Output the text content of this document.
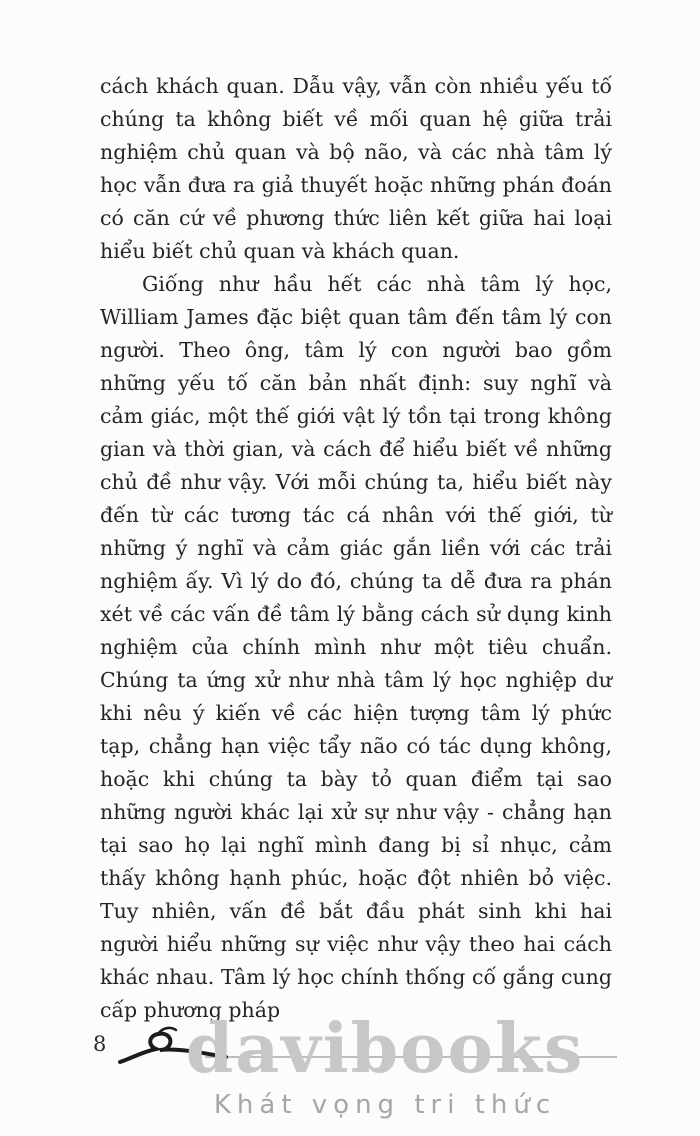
cách khách quan. Dẫu vậy, vẫn còn nhiều yếu tố chúng ta không biết về mối quan hệ giữa trải nghiệm chủ quan và bộ não, và các nhà tâm lý học vẫn đưa ra giả thuyết hoặc những phán đoán có căn cứ về phương thức liên kết giữa hai loại hiểu biết chủ quan và khách quan.

Giống như hầu hết các nhà tâm lý học, William James đặc biệt quan tâm đến tâm lý con người. Theo ông, tâm lý con người bao gồm những yếu tố căn bản nhất định: suy nghĩ và cảm giác, một thế giới vật lý tồn tại trong không gian và thời gian, và cách để hiểu biết về những chủ đề như vậy. Với mỗi chúng ta, hiểu biết này đến từ các tương tác cá nhân với thế giới, từ những ý nghĩ và cảm giác gắn liền với các trải nghiệm ấy. Vì lý do đó, chúng ta dễ đưa ra phán xét về các vấn đề tâm lý bằng cách sử dụng kinh nghiệm của chính mình như một tiêu chuẩn. Chúng ta ứng xử như nhà tâm lý học nghiệp dư khi nêu ý kiến về các hiện tượng tâm lý phức tạp, chẳng hạn việc tẩy não có tác dụng không, hoặc khi chúng ta bày tỏ quan điểm tại sao những người khác lại xử sự như vậy - chẳng hạn tại sao họ lại nghĩ mình đang bị sỉ nhục, cảm thấy không hạnh phúc, hoặc đột nhiên bỏ việc. Tuy nhiên, vấn đề bắt đầu phát sinh khi hai người hiểu những sự việc như vậy theo hai cách khác nhau. Tâm lý học chính thống cố gắng cung cấp phương pháp

8	davibooks
Khát vọng tri thức
